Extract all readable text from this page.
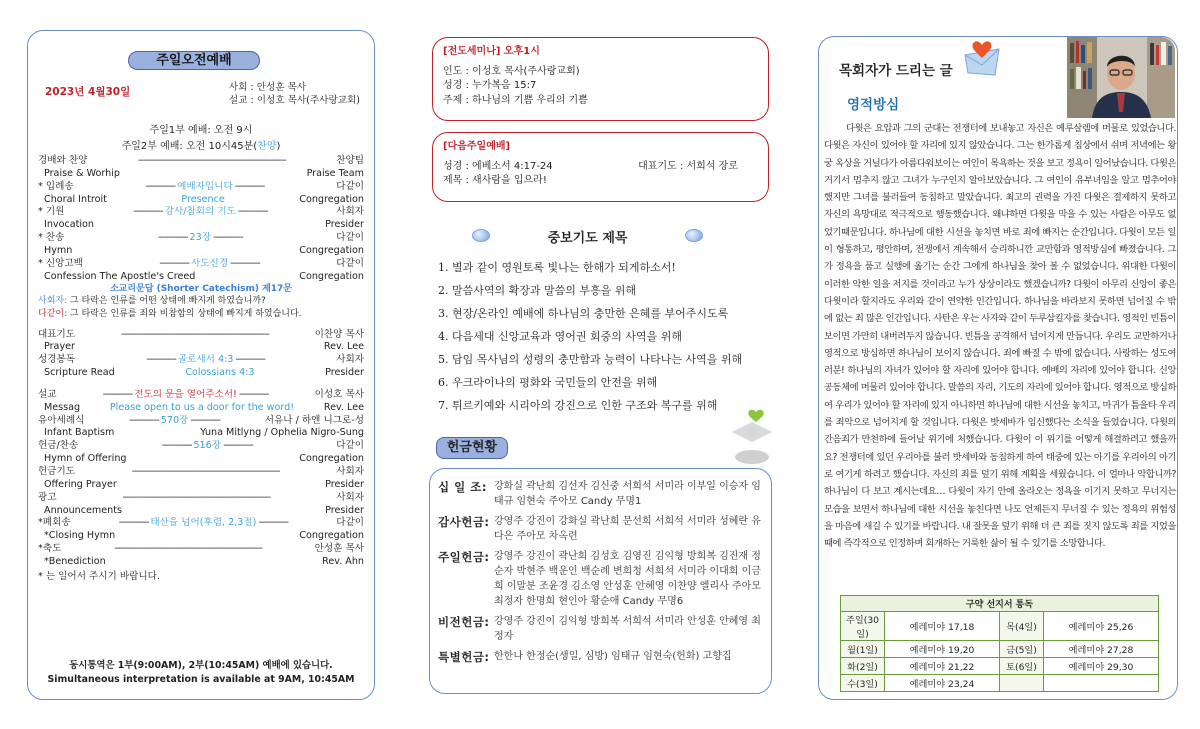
주일오전예배
2023년 4월30일	사회 : 안성훈 목사
설교 : 이성호 목사(주사랑교회)
주일1부 예배: 오전 9시
주일2부 예배: 오전 10시45분(찬양)
경배와 찬양	------------------------------------------------------------	찬양팀
Praise & Worhip	Praise Team
* 입례송	------------ 예배자입니다 ------------	다같이
Choral Introit	Presence	Congregation
* 기원	------------ 감사/참회의 기도 ------------	사회자
Invocation	Presider
* 찬송	------------ 23장 ------------	다같이
Hymn	Congregation
* 신앙고백	------------ 사도신경 ------------	다같이
Confession The Apostle's Creed	Congregation
소교리문답 (Shorter Catechism) 제17문
사회자: 그 타락은 인류를 어떤 상태에 빠지게 하였습니까?
다같이: 그 타락은 인류를 죄와 비참함의 상태에 빠지게 하였습니다.
대표기도	------------------------------------------------------------	이찬양 목사
Prayer	Rev. Lee
성경봉독	------------ 골로새서 4:3 ------------	사회자
Scripture Read	Colossians 4:3	Presider
설교	------------ 전도의 문을 열어주소서! ------------	이성호 목사
Messag	Please open to us a door for the word!	Rev. Lee
유아세례식	------------ 570장 ------------	서유나 / 하엔 니그로-성
Infant Baptism	Yuna Mitlyng / Ophelia Nigro-Sung
헌금/찬송	------------ 516장 ------------	다같이
Hymn of Offering	Congregation
헌금기도	------------------------------------------------------------	사회자
Offering Prayer	Presider
광고	------------------------------------------------------------	사회자
Announcements	Presider
*폐회송	------------ 태산을 넘어(후렴, 2,3절) ------------	다같이
*Closing Hymn	Congregation
*축도	------------------------------------------------------------	안성훈 목사
*Benediction	Rev. Ahn
* 는 일어서 주시기 바랍니다.
동시통역은 1부(9:00AM), 2부(10:45AM) 예배에 있습니다.
Simultaneous interpretation is available at 9AM, 10:45AM
[전도세미나] 오후1시
인도 : 이성호 목사(주사랑교회)
성경 : 누가복음 15:7
주제 : 하나님의 기쁨 우리의 기쁨
[다음주일예배]
성경 : 에베소서 4:17-24	대표기도 : 서희석 장로
제목 : 새사람을 입으라!
중보기도 제목
1. 별과 같이 영원토록 빛나는 한해가 되게하소서!
2. 말씀사역의 확장과 말씀의 부흥을 위해
3. 현장/온라인 예배에 하나님의 충만한 은혜를 부어주시도록
4. 다음세대 신앙교육과 영어권 회중의 사역을 위해
5. 담임 목사님의 성령의 충만함과 능력이 나타나는 사역을 위해
6. 우크라이나의 평화와 국민들의 안전을 위해
7. 튀르키예와 시리아의 강진으로 인한 구조와 복구를 위해
헌금현황
십 일 조: 강화실 곽난희 김선자 김신중 서희석 서미라 이부일 이승자 임태규 임현숙 주아모 Candy 무명1
감사헌금: 강영주 강진이 강화실 곽난희 문선희 서희석 서미라 성혜란 유다은 주아모 차옥련
주일헌금: 강영주 강진이 곽난희 김성호 김영진 김익형 방희복 김진재 정순자 박현주 백운인 백순례 변희청 서희석 서미라 이대희 이금희 이말분 조윤경 김소영 안성훈 안혜영 이찬양 엘리사 주아모 최정자 한명희 현인아 황순애 Candy 무명6
비전헌금: 강영주 강진이 김익형 방희복 서희석 서미라 안성훈 안혜영 최정자
특별헌금: 한한나 한정순(생일, 심방) 임태규 임현숙(헌화) 고향집
목회자가 드리는 글
영적방심

다윗은 요압과 그의 군대는 전쟁터에 보내놓고 자신은 예루살렘에 머물로 있었습니다. 다윗은 자신이 있어야 할 자리에 있지 않았습니다. 그는 한가롭게 침상에서 쉬며 저녁에는 왕궁 옥상을 거닐다가 아름다워보이는 여인이 목욕하는 것을 보고 정욕이 일어났습니다. 다윗은 거기서 멈추지 않고 그녀가 누구인지 알아보았습니다. 그 여인이 유부녀임을 알고 멈추어야 했지만 그녀를 불러들여 동침하고 말았습니다. 최고의 권력을 가진 다윗은 절제하지 못하고 자신의 욕망대로 적극적으로 행동했습니다. 왜냐하면 다윗을 막을 수 있는 사람은 아무도 없었기때문입니다. 하나님에 대한 시선을 놓치면 바로 죄에 빠지는 순간입니다. 다윗이 모든 일이 형통하고, 평안하며, 전쟁에서 계속해서 승리하니깐 교만함과 영적방심에 빠졌습니다. 그가 정욕을 품고 실행에 옮기는 순간 그에게 하나님을 찾아 볼 수 없었습니다. 위대한 다윗이 이러한 악한 일을 저지를 것이라고 누가 상상이라도 했겠습니까? 다윗이 아무리 신앙이 좋은 다윗이라 할지라도 우리와 같이 연약한 인간입니다. 하나님을 바라보지 못하면 넘어질 수 밖에 없는 죄 많은 인간입니다. 사탄은 우는 사자와 같이 두루삼킬자를 찾습니다. 영적인 빈틈이 보이면 가만히 내버려두지 않습니다. 빈틈을 공격해서 넘어지게 만듭니다. 우리도 교만하거나 영적으로 방심하면 하나님이 보이지 않습니다. 죄에 빠질 수 밖에 없습니다. 사랑하는 성도여러분! 하나님의 자녀가 있어야 할 자리에 있어야 합니다. 예배의 자리에 있어야 합니다. 신앙공동체에 머물러 있어야 합니다. 말씀의 자리, 기도의 자리에 있어야 합니다. 영적으로 방심하여 우리가 있어야 할 자리에 있지 아니하면 하나님에 대한 시선을 놓치고, 마귀가 틈을타 우리를 죄악으로 넘어지게 할 것입니다. 다윗은 밧세바가 임신했다는 소식을 들었습니다. 다윗의 간음죄가 만천하에 들어날 위기에 처했습니다. 다윗이 이 위기를 어떻게 해결하려고 했을까요? 전쟁터에 있던 우리아를 불러 밧세바와 동침하게 하여 태중에 있는 아기를 우리아의 아기로 여기게 하려고 했습니다. 자신의 죄를 덮기 위해 계획을 세웠습니다. 이 얼마나 악합니까? 하나님이 다 보고 계시는데요… 다윗이 자기 안에 올라오는 정욕을 이기지 못하고 무너지는 모습을 보면서 하나님에 대한 시선을 놓친다면 나도 언제든지 무너질 수 있는 정욕의 위험성을 마음에 새길 수 있기를 바랍니다. 내 잘못을 덮기 위해 더 큰 죄를 짓지 않도록 죄를 지었을때에 즉각적으로 인정하며 회개하는 거룩한 삶이 될 수 있기를 소망합니다.

구약 선지서 통독			
주일(30일)	예레미야 17,18	목(4일)	예레미야 25,26
월(1일)	예레미야 19,20	금(5일)	예레미야 27,28
화(2일)	예레미야 21,22	토(6일)	예레미야 29,30
수(3일)	예레미야 23,24		
